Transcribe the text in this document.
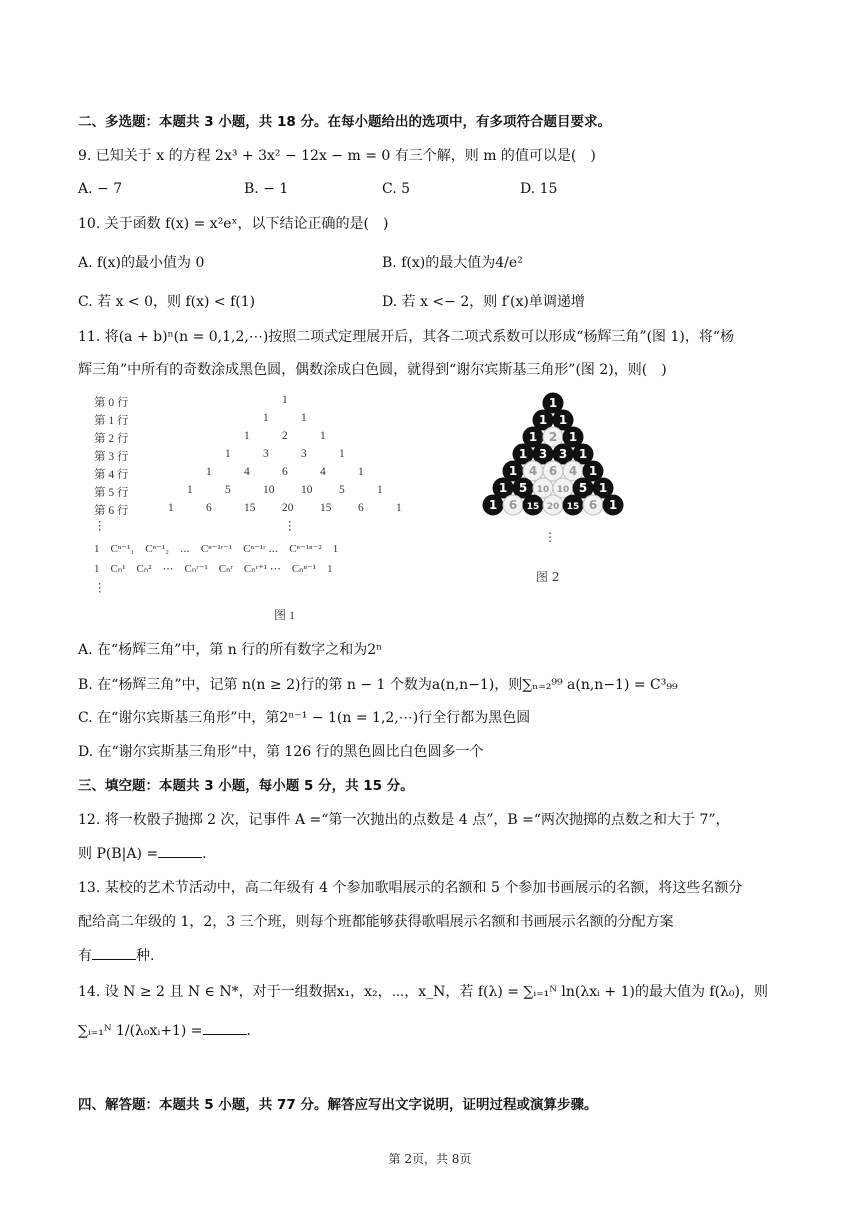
二、多选题：本题共 3 小题，共 18 分。在每小题给出的选项中，有多项符合题目要求。
9. 已知关于 x 的方程 2x³ + 3x² − 12x − m = 0 有三个解，则 m 的值可以是(　)
A. − 7	B. − 1	C. 5	D. 15
10. 关于函数 f(x) = x²eˣ，以下结论正确的是(　)
A. f(x)的最小值为 0	B. f(x)的最大值为4/e²
C. 若 x < 0，则 f(x) < f(1)	D. 若 x <− 2，则 f′(x)单调递增
11. 将(a + b)ⁿ(n = 0,1,2,⋯)按照二项式定理展开后，其各二项式系数可以形成“杨辉三角”(图 1)，将“杨
辉三角”中所有的奇数涂成黑色圆，偶数涂成白色圆，就得到“谢尔宾斯基三角形”(图 2)，则(　)
第 0 行
第 1 行
第 2 行
第 3 行
第 4 行
第 5 行
第 6 行
⋮
1
1	1
1	2	1
1	3	3	1
1	4	6	4	1
1	5	10 10 5	1
1	6	15 20 15 6	1
⋮
⋮
1　Cⁿ⁻¹₁　Cⁿ⁻¹₂　⋯　Cⁿ⁻¹ʳ⁻¹　Cⁿ⁻¹ʳ ⋯　Cⁿ⁻¹ⁿ⁻²　1
1　Cₙ¹　Cₙ²　⋯　Cₙʳ⁻¹　Cₙʳ　Cₙʳ⁺¹ ⋯　Cₙⁿ⁻¹　1
图 1
1
1 1
1 2 1
1 3 3 1
1 4 6 4 1
1 5 10 10 5 1
1 6 15 20 15 6 1
图 2
⋮
A. 在“杨辉三角”中，第 n 行的所有数字之和为2ⁿ
B. 在“杨辉三角”中，记第 n(n ≥ 2)行的第 n − 1 个数为a(n,n−1)，则∑ₙ₌₂⁹⁹ a(n,n−1) = C³₉₉
C. 在“谢尔宾斯基三角形”中，第2ⁿ⁻¹ − 1(n = 1,2,⋯)行全行都为黑色圆
D. 在“谢尔宾斯基三角形”中，第 126 行的黑色圆比白色圆多一个
三、填空题：本题共 3 小题，每小题 5 分，共 15 分。
12. 将一枚骰子抛掷 2 次，记事件 A =“第一次抛出的点数是 4 点”，B =“两次抛掷的点数之和大于 7”，
则 P(B|A) =	.
13. 某校的艺术节活动中，高二年级有 4 个参加歌唱展示的名额和 5 个参加书画展示的名额，将这些名额分
配给高二年级的 1，2，3 三个班，则每个班都能够获得歌唱展示名额和书画展示名额的分配方案
有	种.
14. 设 N ≥ 2 且 N ∈ N*，对于一组数据x₁，x₂，⋯，x_N，若 f(λ) = ∑ᵢ₌₁ᴺ ln(λxᵢ + 1)的最大值为 f(λ₀)，则
∑ᵢ₌₁ᴺ 1/(λ₀xᵢ+1) =	.
四、解答题：本题共 5 小题，共 77 分。解答应写出文字说明，证明过程或演算步骤。
第 2页，共 8页
